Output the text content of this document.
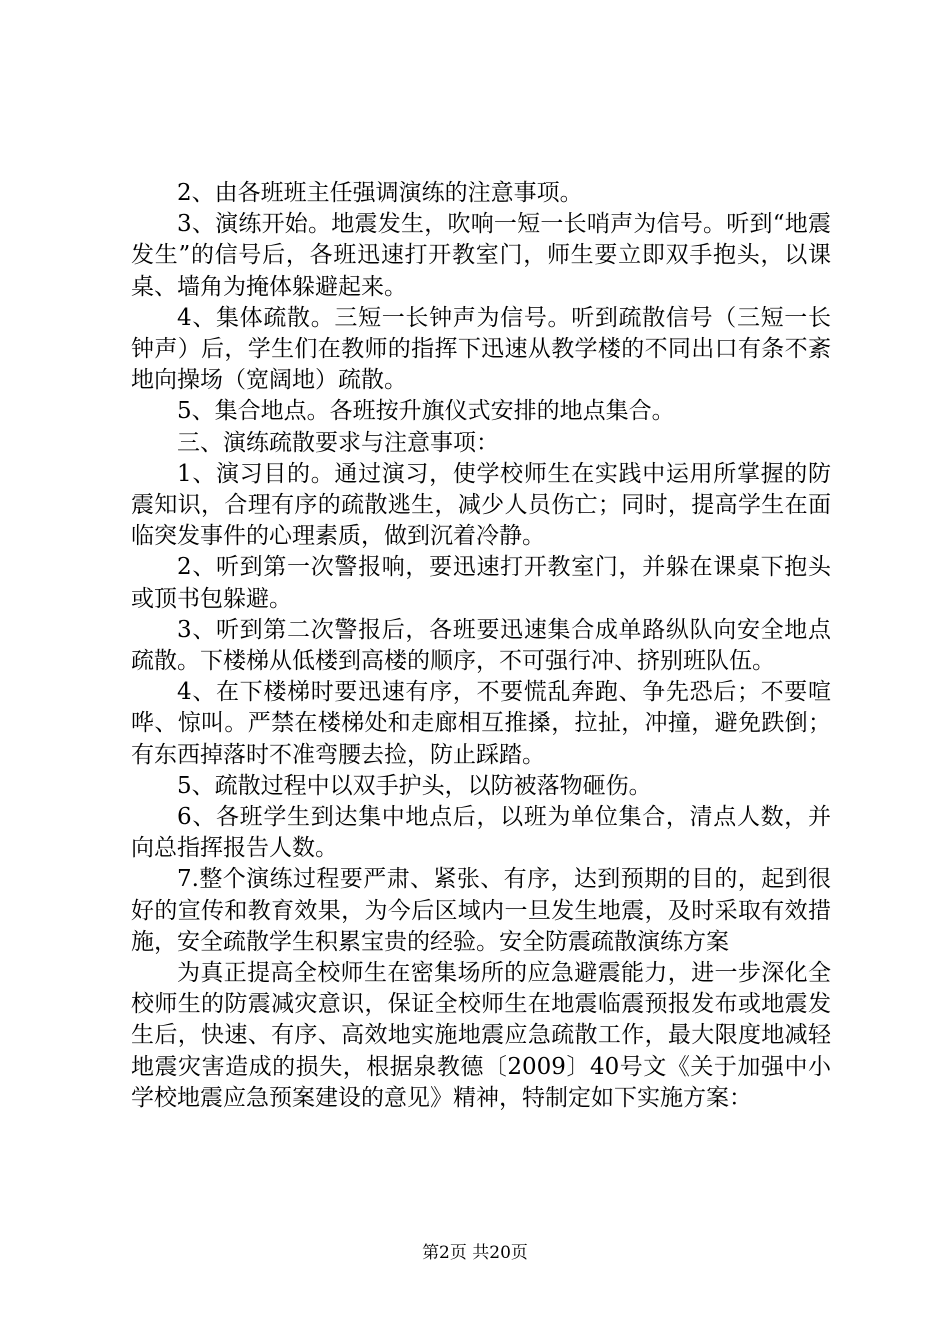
2、由各班班主任强调演练的注意事项。

3、演练开始。地震发生，吹响一短一长哨声为信号。听到“地震发生”的信号后，各班迅速打开教室门，师生要立即双手抱头，以课桌、墙角为掩体躲避起来。

4、集体疏散。三短一长钟声为信号。听到疏散信号（三短一长钟声）后，学生们在教师的指挥下迅速从教学楼的不同出口有条不紊地向操场（宽阔地）疏散。

5、集合地点。各班按升旗仪式安排的地点集合。

三、演练疏散要求与注意事项：

1、演习目的。通过演习，使学校师生在实践中运用所掌握的防震知识，合理有序的疏散逃生，减少人员伤亡；同时，提高学生在面临突发事件的心理素质，做到沉着冷静。

2、听到第一次警报响，要迅速打开教室门，并躲在课桌下抱头或顶书包躲避。

3、听到第二次警报后，各班要迅速集合成单路纵队向安全地点疏散。下楼梯从低楼到高楼的顺序，不可强行冲、挤别班队伍。

4、在下楼梯时要迅速有序，不要慌乱奔跑、争先恐后；不要喧哗、惊叫。严禁在楼梯处和走廊相互推搡，拉扯，冲撞，避免跌倒；有东西掉落时不准弯腰去捡，防止踩踏。

5、疏散过程中以双手护头，以防被落物砸伤。

6、各班学生到达集中地点后，以班为单位集合，清点人数，并向总指挥报告人数。

7.整个演练过程要严肃、紧张、有序，达到预期的目的，起到很好的宣传和教育效果，为今后区域内一旦发生地震，及时采取有效措施，安全疏散学生积累宝贵的经验。安全防震疏散演练方案

为真正提高全校师生在密集场所的应急避震能力，进一步深化全校师生的防震减灾意识，保证全校师生在地震临震预报发布或地震发生后，快速、有序、高效地实施地震应急疏散工作，最大限度地减轻地震灾害造成的损失，根据泉教德〔2009〕40号文《关于加强中小学校地震应急预案建设的意见》精神，特制定如下实施方案：

第2页 共20页
